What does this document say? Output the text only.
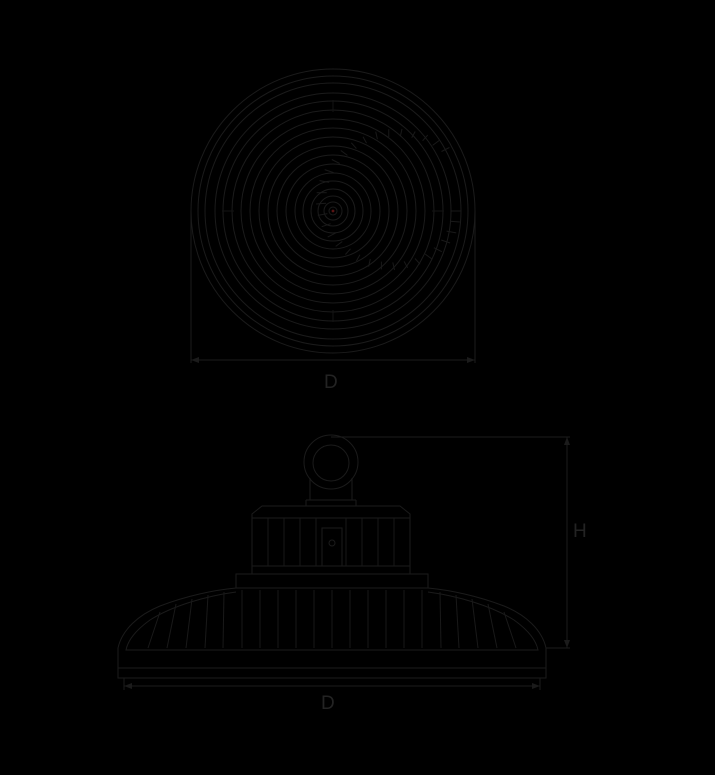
D
H
D
